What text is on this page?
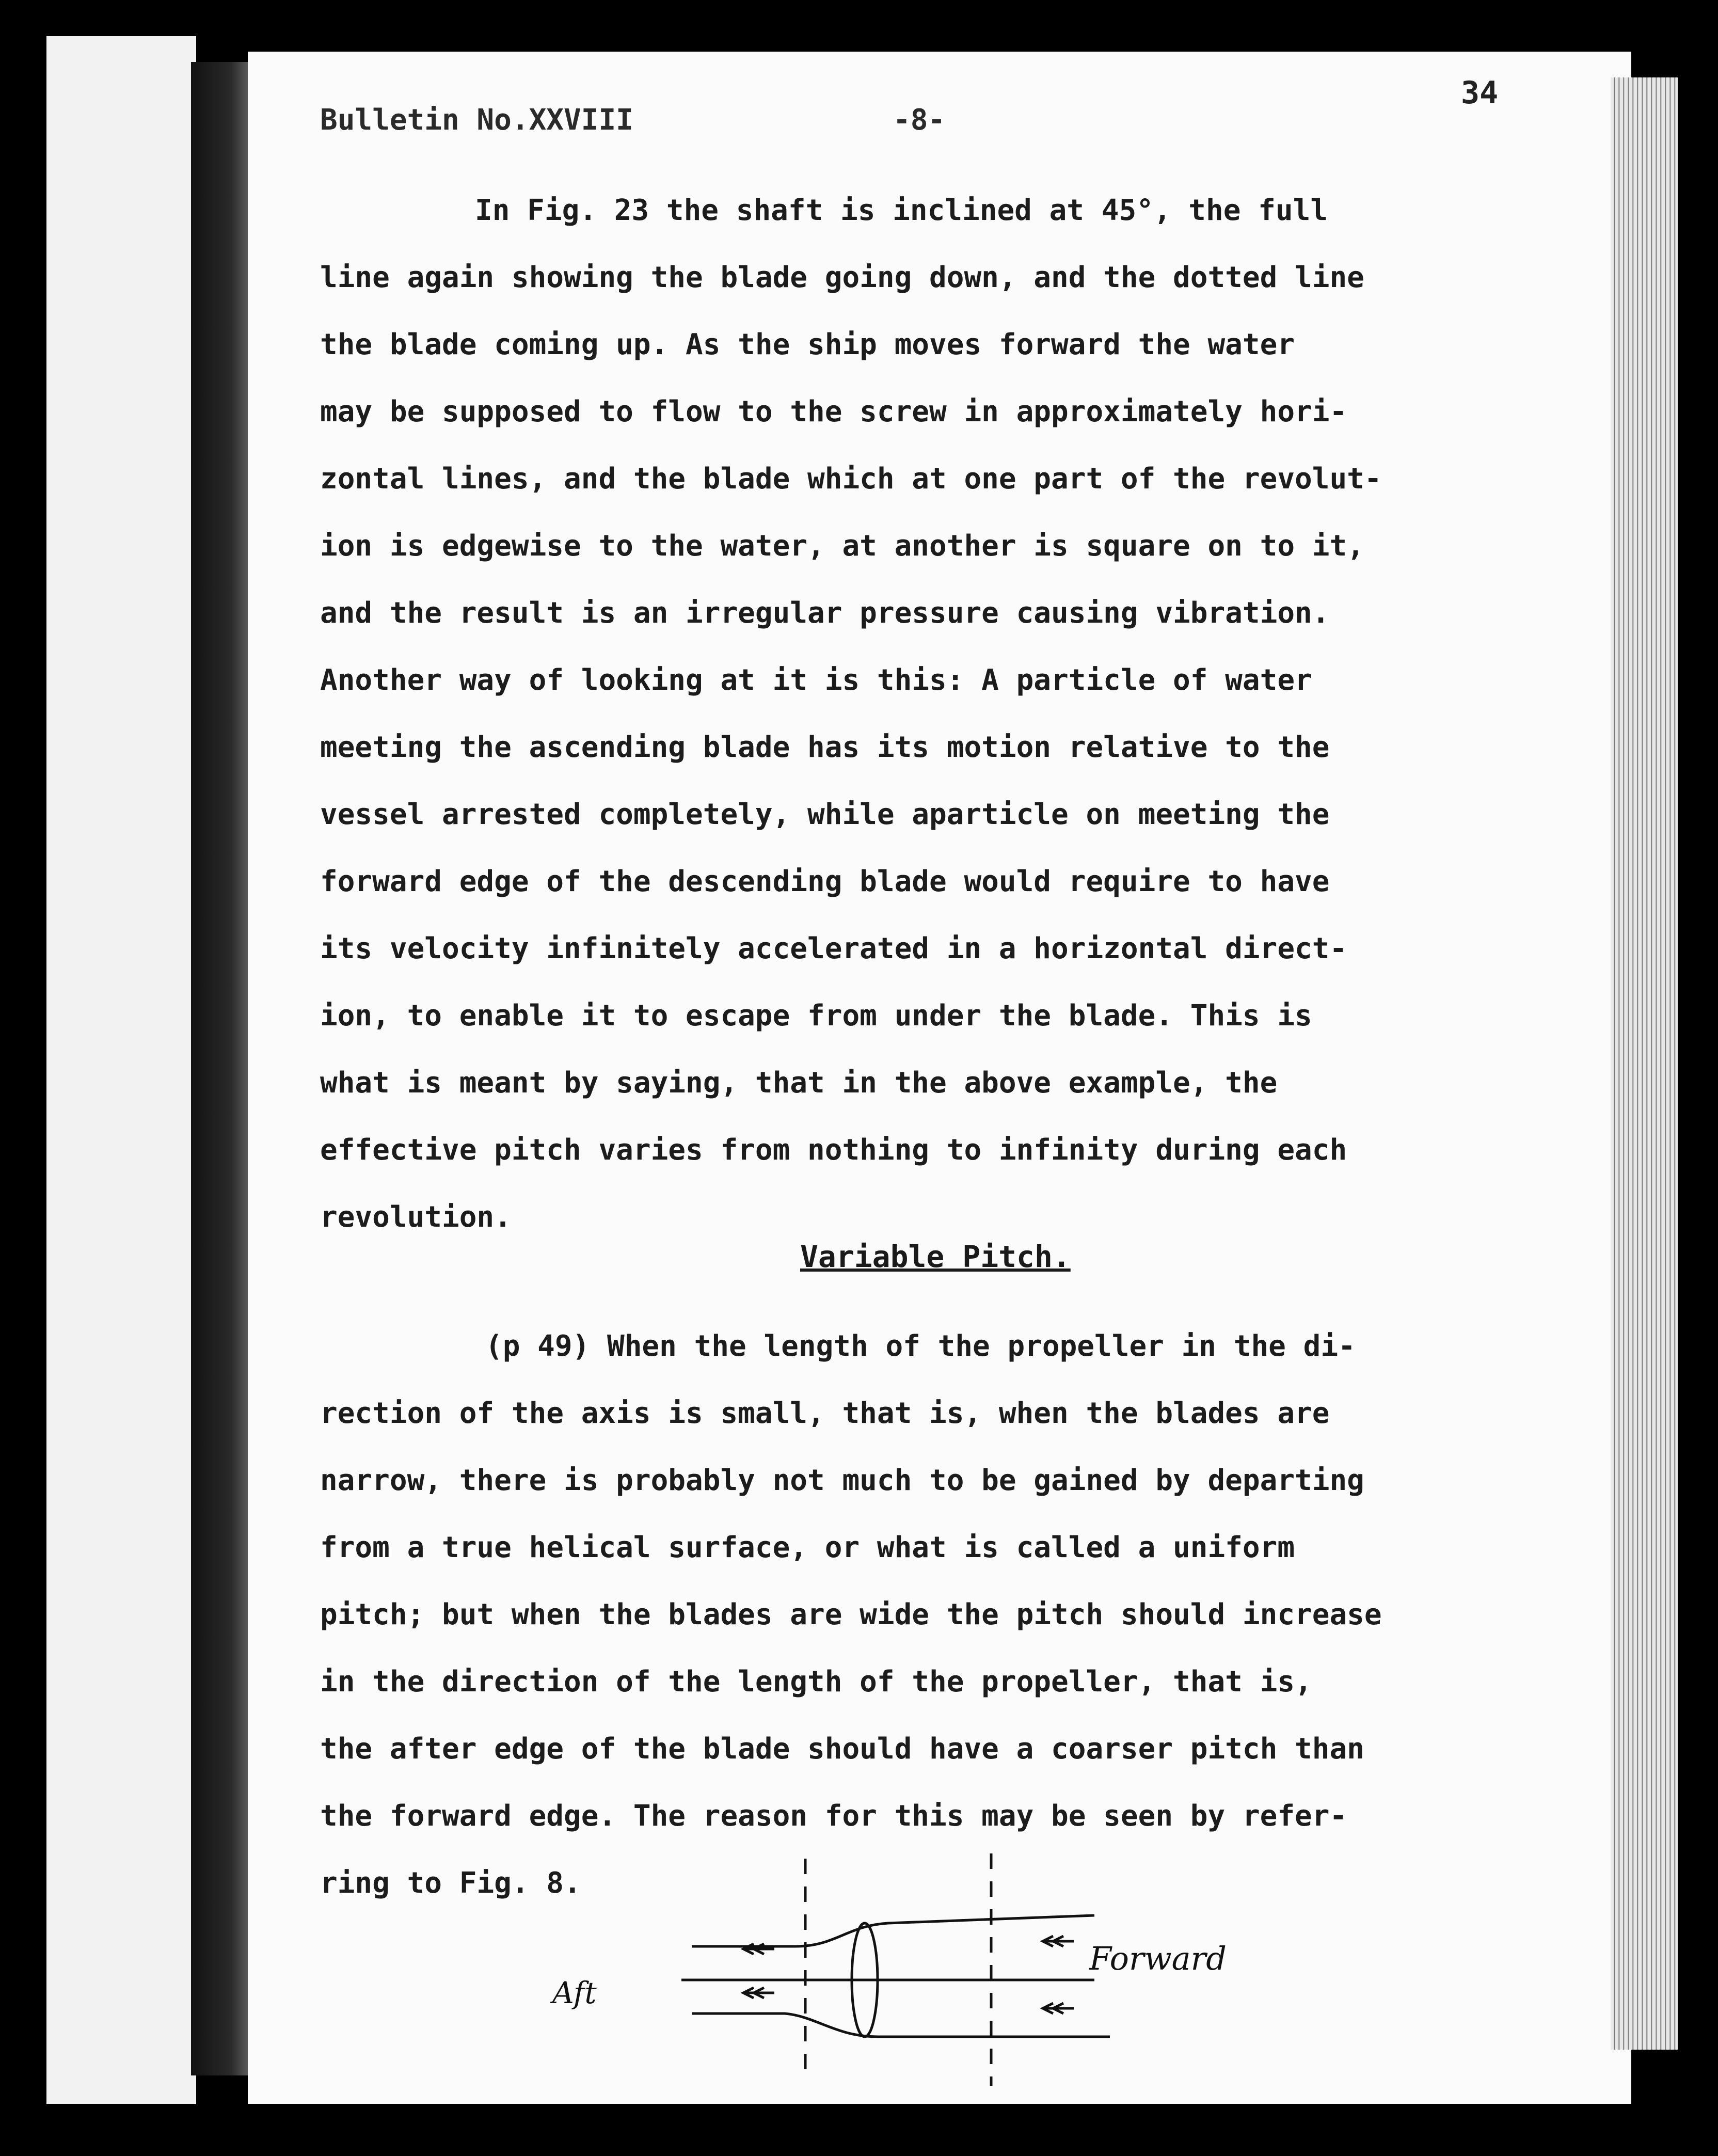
Bulletin No.XXVIII	-8-
34
In Fig. 23 the shaft is inclined at 45°, the full
line again showing the blade going down, and the dotted line
the blade coming up. As the ship moves forward the water
may be supposed to flow to the screw in approximately hori-
zontal lines, and the blade which at one part of the revolut-
ion is edgewise to the water, at another is square on to it,
and the result is an irregular pressure causing vibration.
Another way of looking at it is this: A particle of water
meeting the ascending blade has its motion relative to the
vessel arrested completely, while aparticle on meeting the
forward edge of the descending blade would require to have
its velocity infinitely accelerated in a horizontal direct-
ion, to enable it to escape from under the blade. This is
what is meant by saying, that in the above example, the
effective pitch varies from nothing to infinity during each
revolution.
Variable Pitch.
(p 49) When the length of the propeller in the di-
rection of the axis is small, that is, when the blades are
narrow, there is probably not much to be gained by departing
from a true helical surface, or what is called a uniform
pitch; but when the blades are wide the pitch should increase
in the direction of the length of the propeller, that is,
the after edge of the blade should have a coarser pitch than
the forward edge. The reason for this may be seen by refer-
ring to Fig. 8.
Aft
Forward
